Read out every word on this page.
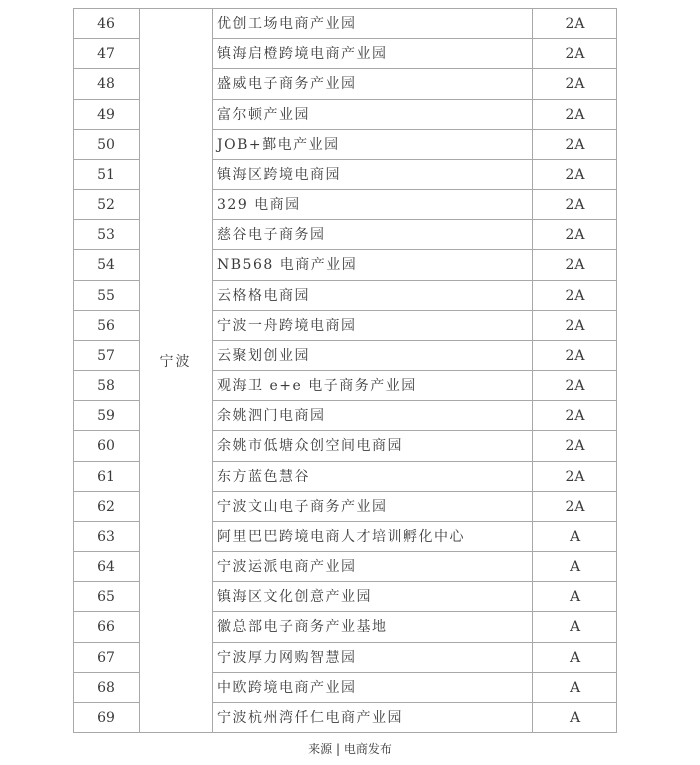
宁波
46	优创工场电商产业园	2A
47	镇海启橙跨境电商产业园	2A
48	盛威电子商务产业园	2A
49	富尔顿产业园	2A
50	JOB+鄞电产业园	2A
51	镇海区跨境电商园	2A
52	329 电商园	2A
53	慈谷电子商务园	2A
54	NB568 电商产业园	2A
55	云格格电商园	2A
56	宁波一舟跨境电商园	2A
57	云聚划创业园	2A
58	观海卫 e+e 电子商务产业园	2A
59	余姚泗门电商园	2A
60	余姚市低塘众创空间电商园	2A
61	东方蓝色慧谷	2A
62	宁波文山电子商务产业园	2A
63	阿里巴巴跨境电商人才培训孵化中心	A
64	宁波运派电商产业园	A
65	镇海区文化创意产业园	A
66	徽总部电子商务产业基地	A
67	宁波厚力网购智慧园	A
68	中欧跨境电商产业园	A
69	宁波杭州湾仟仁电商产业园	A
来源 | 电商发布
